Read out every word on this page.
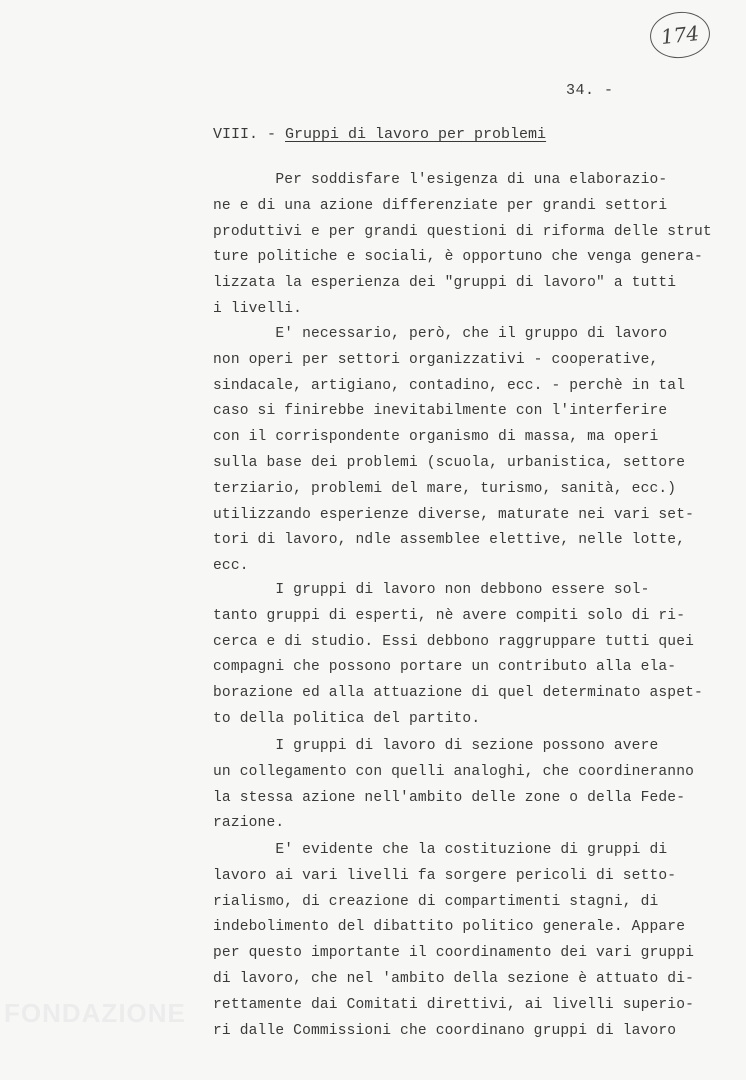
174
34. -
VIII. - Gruppi di lavoro per problemi
Per soddisfare l'esigenza di una elaborazio-
ne e di una azione differenziate per grandi settori
produttivi e per grandi questioni di riforma delle strut
ture politiche e sociali, è opportuno che venga genera-
lizzata la esperienza dei "gruppi di lavoro" a tutti
i livelli.
E' necessario, però, che il gruppo di lavoro
non operi per settori organizzativi - cooperative,
sindacale, artigiano, contadino, ecc. - perchè in tal
caso si finirebbe inevitabilmente con l'interferire
con il corrispondente organismo di massa, ma operi
sulla base dei problemi (scuola, urbanistica, settore
terziario, problemi del mare, turismo, sanità, ecc.)
utilizzando esperienze diverse, maturate nei vari set-
tori di lavoro, ndle assemblee elettive, nelle lotte,
ecc.
I gruppi di lavoro non debbono essere sol-
tanto gruppi di esperti, nè avere compiti solo di ri-
cerca e di studio. Essi debbono raggruppare tutti quei
compagni che possono portare un contributo alla ela-
borazione ed alla attuazione di quel determinato aspet-
to della politica del partito.
I gruppi di lavoro di sezione possono avere
un collegamento con quelli analoghi, che coordineranno
la stessa azione nell'ambito delle zone o della Fede-
razione.
E' evidente che la costituzione di gruppi di
lavoro ai vari livelli fa sorgere pericoli di setto-
rialismo, di creazione di compartimenti stagni, di
indebolimento del dibattito politico generale. Appare
per questo importante il coordinamento dei vari gruppi
di lavoro, che nel 'ambito della sezione è attuato di-
rettamente dai Comitati direttivi, ai livelli superio-
ri dalle Commissioni che coordinano gruppi di lavoro
FONDAZIONE
